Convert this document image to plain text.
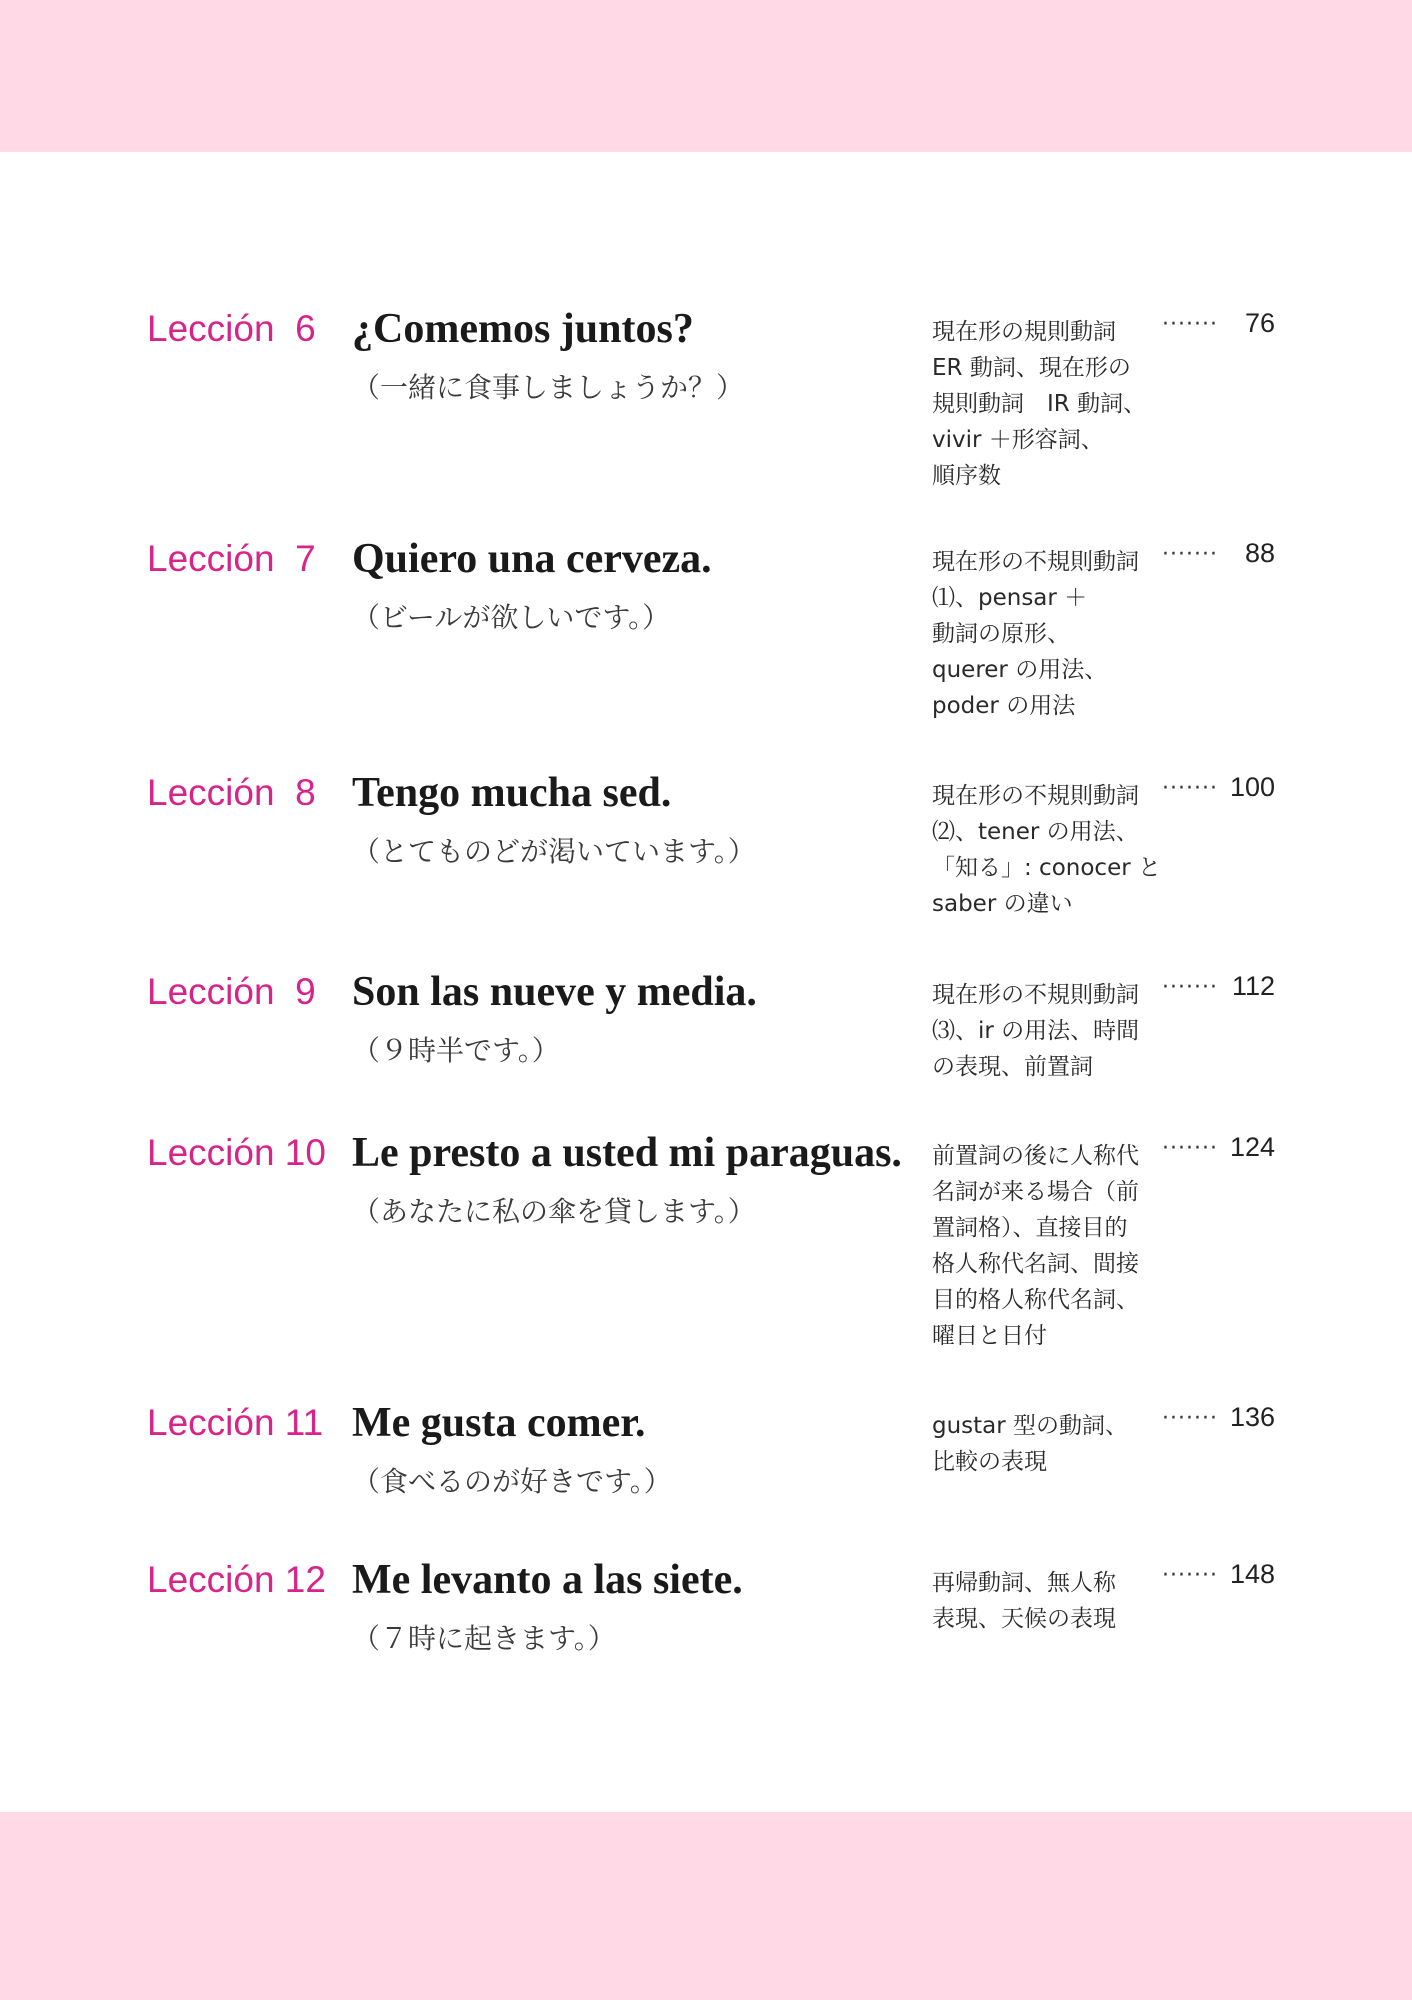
Lección  6 ¿Comemos juntos?
（一緒に食事しましょうか？）
現在形の規則動詞
ER 動詞、現在形の
規則動詞　IR 動詞、
vivir ＋形容詞、
順序数
······· 76
Lección  7 Quiero una cerveza.
（ビールが欲しいです。）
現在形の不規則動詞
⑴、pensar ＋
動詞の原形、
querer の用法、
poder の用法
······· 88
Lección  8 Tengo mucha sed.
（とてものどが渇いています。）
現在形の不規則動詞
⑵、tener の用法、
「知る」: conocer と
saber の違い
······· 100
Lección  9 Son las nueve y media.
（９時半です。）
現在形の不規則動詞
⑶、ir の用法、時間
の表現、前置詞
······· 112
Lección 10 Le presto a usted mi paraguas.
（あなたに私の傘を貸します。）
前置詞の後に人称代
名詞が来る場合（前
置詞格）、直接目的
格人称代名詞、間接
目的格人称代名詞、
曜日と日付
······· 124
Lección 11 Me gusta comer.
（食べるのが好きです。）
gustar 型の動詞、
比較の表現
······· 136
Lección 12 Me levanto a las siete.
（７時に起きます。）
再帰動詞、無人称
表現、天候の表現
······· 148
